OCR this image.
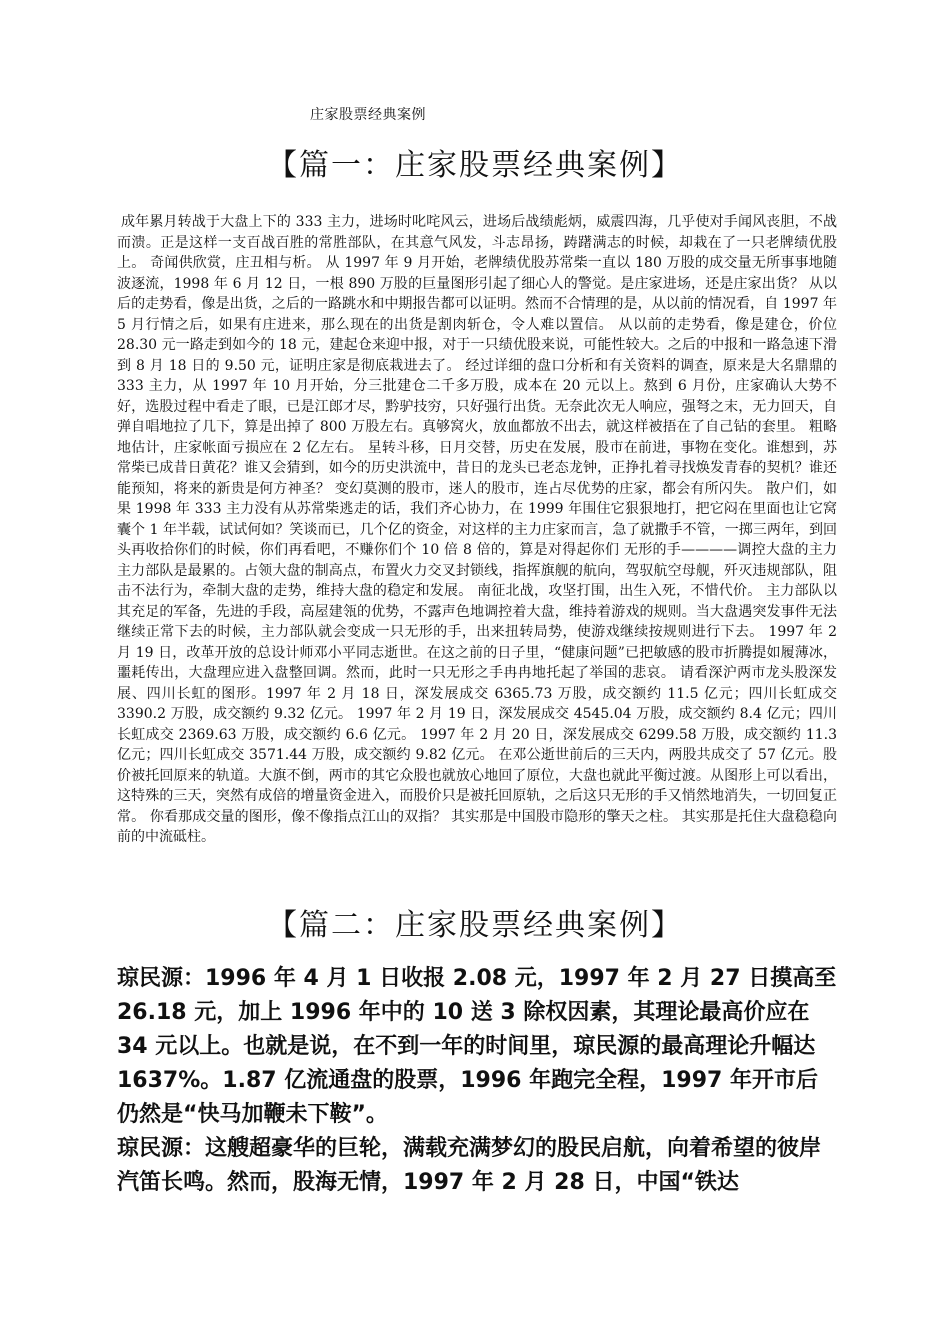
庄家股票经典案例
【篇一：庄家股票经典案例】
成年累月转战于大盘上下的 333 主力，进场时叱咤风云，进场后战绩彪炳，威震四海，几乎使对手闻风丧胆，不战而溃。正是这样一支百战百胜的常胜部队，在其意气风发，斗志昂扬，踌躇满志的时候，却栽在了一只老牌绩优股上。 奇闻供欣赏，庄丑相与析。 从 1997 年 9 月开始，老牌绩优股苏常柴一直以 180 万股的成交量无所事事地随波逐流，1998 年 6 月 12 日，一根 890 万股的巨量图形引起了细心人的警觉。是庄家进场，还是庄家出货？ 从以后的走势看，像是出货，之后的一路跳水和中期报告都可以证明。然而不合情理的是，从以前的情况看，自 1997 年 5 月行情之后，如果有庄进来，那么现在的出货是割肉斩仓，令人难以置信。 从以前的走势看，像是建仓，价位 28.30 元一路走到如今的 18 元，建起仓来迎中报，对于一只绩优股来说，可能性较大。之后的中报和一路急速下滑到 8 月 18 日的 9.50 元，证明庄家是彻底栽进去了。 经过详细的盘口分析和有关资料的调查，原来是大名鼎鼎的 333 主力，从 1997 年 10 月开始，分三批建仓二千多万股，成本在 20 元以上。熬到 6 月份，庄家确认大势不好，选股过程中看走了眼，已是江郎才尽，黔驴技穷，只好强行出货。无奈此次无人响应，强弩之末，无力回天，自弹自唱地拉了几下，算是出掉了 800 万股左右。真够窝火，放血都放不出去，就这样被捂在了自己钻的套里。 粗略地估计，庄家帐面亏损应在 2 亿左右。 星转斗移，日月交替，历史在发展，股市在前进，事物在变化。谁想到，苏常柴已成昔日黄花？谁又会猜到，如今的历史洪流中，昔日的龙头已老态龙钟，正挣扎着寻找焕发青春的契机？谁还能预知，将来的新贵是何方神圣？ 变幻莫测的股市，迷人的股市，连占尽优势的庄家，都会有所闪失。 散户们，如果 1998 年 333 主力没有从苏常柴逃走的话，我们齐心协力，在 1999 年围住它狠狠地打，把它闷在里面也让它窝囊个 1 年半载，试试何如？笑谈而已，几个亿的资金，对这样的主力庄家而言，急了就撒手不管，一掷三两年，到回头再收拾你们的时候，你们再看吧，不赚你们个 10 倍 8 倍的，算是对得起你们 无形的手————调控大盘的主力 主力部队是最累的。占领大盘的制高点，布置火力交叉封锁线，指挥旗舰的航向，驾驭航空母舰，歼灭违规部队，阻击不法行为，牵制大盘的走势，维持大盘的稳定和发展。 南征北战，攻坚打围，出生入死，不惜代价。 主力部队以其充足的军备，先进的手段，高屋建瓴的优势，不露声色地调控着大盘，维持着游戏的规则。当大盘遇突发事件无法继续正常下去的时候，主力部队就会变成一只无形的手，出来扭转局势，使游戏继续按规则进行下去。 1997 年 2 月 19 日，改革开放的总设计师邓小平同志逝世。在这之前的日子里，“健康问题”已把敏感的股市折腾提如履薄冰，噩耗传出，大盘理应进入盘整回调。然而，此时一只无形之手冉冉地托起了举国的悲哀。 请看深沪两市龙头股深发展、四川长虹的图形。1997 年 2 月 18 日，深发展成交 6365.73 万股，成交额约 11.5 亿元；四川长虹成交 3390.2 万股，成交额约 9.32 亿元。 1997 年 2 月 19 日，深发展成交 4545.04 万股，成交额约 8.4 亿元；四川长虹成交 2369.63 万股，成交额约 6.6 亿元。 1997 年 2 月 20 日，深发展成交 6299.58 万股，成交额约 11.3 亿元；四川长虹成交 3571.44 万股，成交额约 9.82 亿元。 在邓公逝世前后的三天内，两股共成交了 57 亿元。股价被托回原来的轨道。大旗不倒，两市的其它众股也就放心地回了原位，大盘也就此平衡过渡。从图形上可以看出，这特殊的三天，突然有成倍的增量资金进入，而股价只是被托回原轨，之后这只无形的手又悄然地消失，一切回复正常。 你看那成交量的图形，像不像指点江山的双指？ 其实那是中国股市隐形的擎天之柱。 其实那是托住大盘稳稳向前的中流砥柱。
【篇二：庄家股票经典案例】

琼民源：1996 年 4 月 1 日收报 2.08 元，1997 年 2 月 27 日摸高至 26.18 元，加上 1996 年中的 10 送 3 除权因素，其理论最高价应在 34 元以上。也就是说，在不到一年的时间里，琼民源的最高理论升幅达 1637%。1.87 亿流通盘的股票，1996 年跑完全程，1997 年开市后仍然是“快马加鞭未下鞍”。

琼民源：这艘超豪华的巨轮，满载充满梦幻的股民启航，向着希望的彼岸汽笛长鸣。然而，股海无情，1997 年 2 月 28 日，中国“铁达
